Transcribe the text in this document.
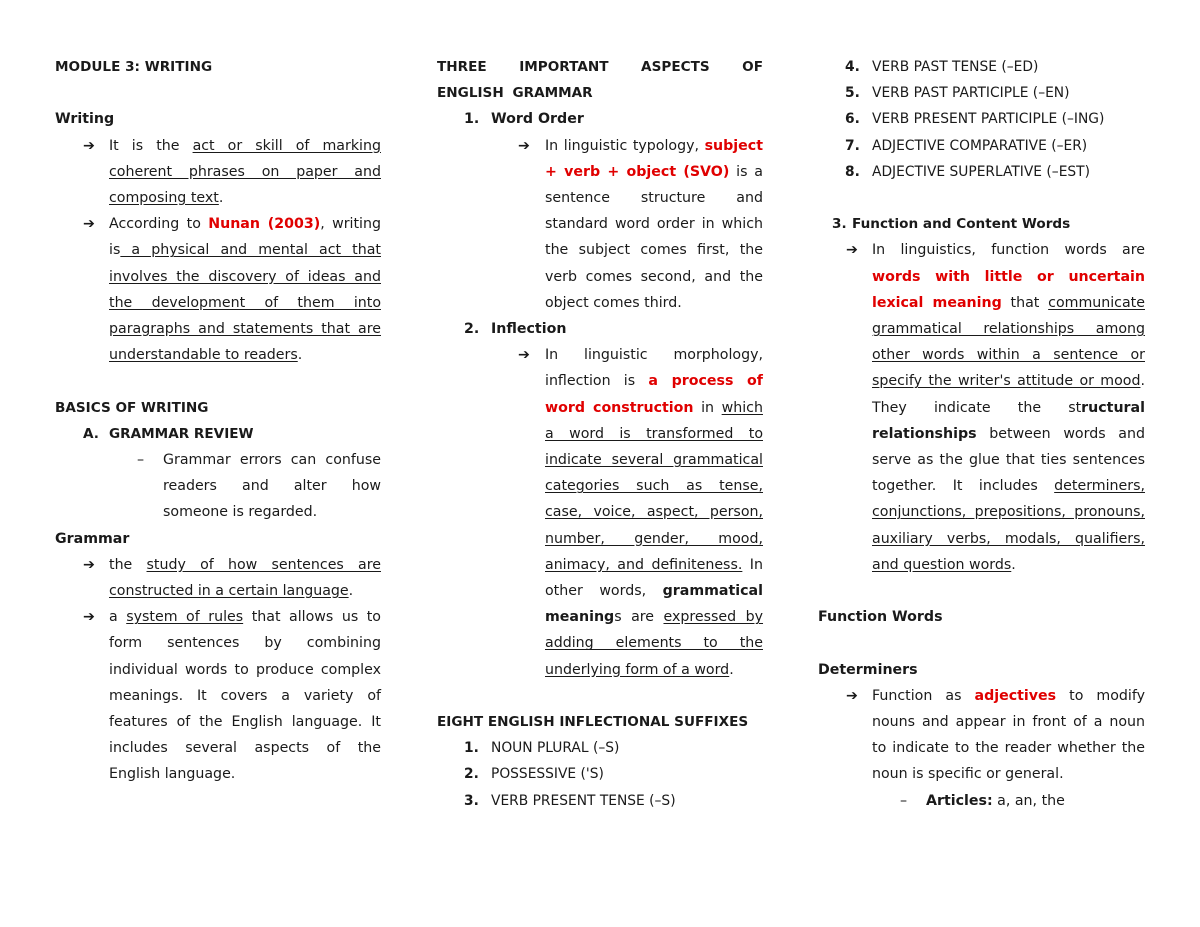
MODULE 3: WRITING

Writing

➔ It is the act or skill of marking coherent phrases on paper and composing text.
➔ According to Nunan (2003), writing is a physical and mental act that involves the discovery of ideas and the development of them into paragraphs and statements that are understandable to readers.

BASICS OF WRITING

A. GRAMMAR REVIEW
–	Grammar errors can confuse readers and alter how someone is regarded.

Grammar

➔ the study of how sentences are constructed in a certain language.
➔ a system of rules that allows us to form sentences by combining individual words to produce complex meanings. It covers a variety of features of the English language. It includes several aspects of the English language.

THREE IMPORTANT ASPECTS OF ENGLISH GRAMMAR

1. Word Order
➔	In linguistic typology, subject + verb + object (SVO) is a sentence structure and standard word order in which the subject comes first, the verb comes second, and the object comes third.
2. Inflection
➔	In linguistic morphology, inflection is a process of word construction in which a word is transformed to indicate several grammatical categories such as tense, case, voice, aspect, person, number, gender, mood, animacy, and definiteness. In other words, grammatical meanings are expressed by adding elements to the underlying form of a word.

EIGHT ENGLISH INFLECTIONAL SUFFIXES

1. NOUN PLURAL (–S)
2. POSSESSIVE ('S)
3. VERB PRESENT TENSE (–S)
4. VERB PAST TENSE (–ED)
5. VERB PAST PARTICIPLE (–EN)
6. VERB PRESENT PARTICIPLE (–ING)
7. ADJECTIVE COMPARATIVE (–ER)
8. ADJECTIVE SUPERLATIVE (–EST)
3. Function and Content Words
➔ In linguistics, function words are words with little or uncertain lexical meaning that communicate grammatical relationships among other words within a sentence or specify the writer's attitude or mood. They indicate the structural relationships between words and serve as the glue that ties sentences together. It includes determiners, conjunctions, prepositions, pronouns, auxiliary verbs, modals, qualifiers, and question words.

Function Words

Determiners

➔ Function as adjectives to modify nouns and appear in front of a noun to indicate to the reader whether the noun is specific or general.
–	Articles: a, an, the
